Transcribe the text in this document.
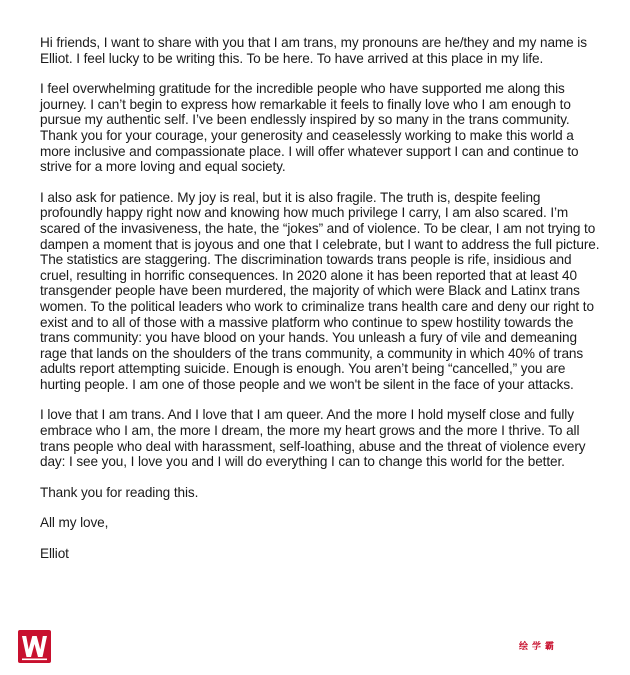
Hi friends, I want to share with you that I am trans, my pronouns are he/they and my name is Elliot. I feel lucky to be writing this. To be here. To have arrived at this place in my life.

I feel overwhelming gratitude for the incredible people who have supported me along this journey. I can’t begin to express how remarkable it feels to finally love who I am enough to pursue my authentic self. I’ve been endlessly inspired by so many in the trans community. Thank you for your courage, your generosity and ceaselessly working to make this world a more inclusive and compassionate place. I will offer whatever support I can and continue to strive for a more loving and equal society.

I also ask for patience. My joy is real, but it is also fragile. The truth is, despite feeling profoundly happy right now and knowing how much privilege I carry, I am also scared. I’m scared of the invasiveness, the hate, the “jokes” and of violence. To be clear, I am not trying to dampen a moment that is joyous and one that I celebrate, but I want to address the full picture. The statistics are staggering. The discrimination towards trans people is rife, insidious and cruel, resulting in horrific consequences. In 2020 alone it has been reported that at least 40 transgender people have been murdered, the majority of which were Black and Latinx trans women. To the political leaders who work to criminalize trans health care and deny our right to exist and to all of those with a massive platform who continue to spew hostility towards the trans community: you have blood on your hands. You unleash a fury of vile and demeaning rage that lands on the shoulders of the trans community, a community in which 40% of trans adults report attempting suicide. Enough is enough. You aren’t being “cancelled,” you are hurting people. I am one of those people and we won't be silent in the face of your attacks.

I love that I am trans. And I love that I am queer. And the more I hold myself close and fully embrace who I am, the more I dream, the more my heart grows and the more I thrive. To all trans people who deal with harassment, self-loathing, abuse and the threat of violence every day: I see you, I love you and I will do everything I can to change this world for the better.

Thank you for reading this.

All my love,

Elliot

绘学霸
